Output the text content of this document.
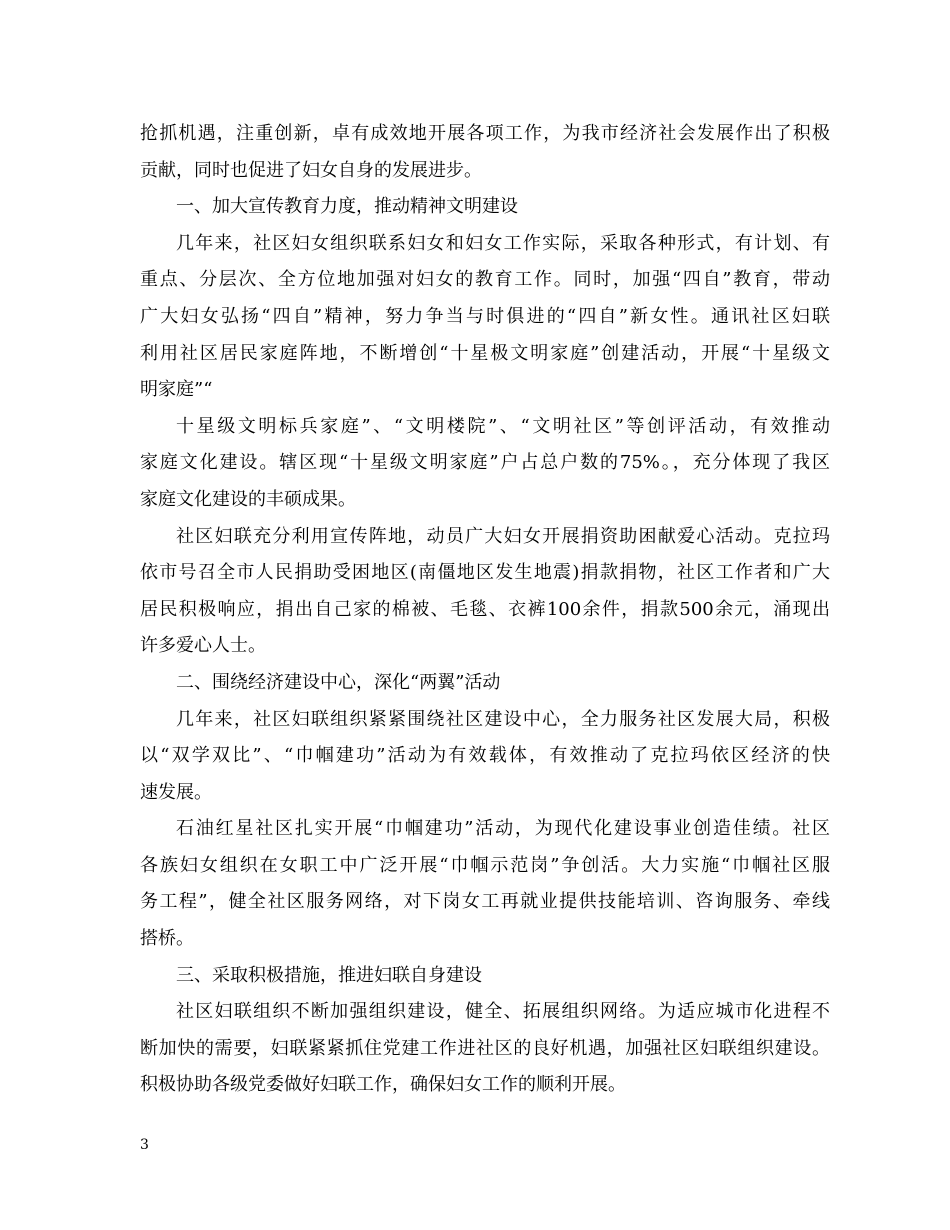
抢抓机遇，注重创新，卓有成效地开展各项工作，为我市经济社会发展作出了积极
贡献，同时也促进了妇女自身的发展进步。
一、加大宣传教育力度，推动精神文明建设
几年来，社区妇女组织联系妇女和妇女工作实际，采取各种形式，有计划、有
重点、分层次、全方位地加强对妇女的教育工作。同时，加强“四自”教育，带动
广大妇女弘扬“四自”精神，努力争当与时俱进的“四自”新女性。通讯社区妇联
利用社区居民家庭阵地，不断增创“十星极文明家庭”创建活动，开展“十星级文
明家庭”“
十星级文明标兵家庭”、“文明楼院”、“文明社区”等创评活动，有效推动
家庭文化建设。辖区现“十星级文明家庭”户占总户数的75%。，充分体现了我区
家庭文化建设的丰硕成果。
社区妇联充分利用宣传阵地，动员广大妇女开展捐资助困献爱心活动。克拉玛
依市号召全市人民捐助受困地区(南僵地区发生地震)捐款捐物，社区工作者和广大
居民积极响应，捐出自己家的棉被、毛毯、衣裤100余件，捐款500余元，涌现出
许多爱心人士。
二、围绕经济建设中心，深化“两翼”活动
几年来，社区妇联组织紧紧围绕社区建设中心，全力服务社区发展大局，积极
以“双学双比”、“巾帼建功”活动为有效载体，有效推动了克拉玛依区经济的快
速发展。
石油红星社区扎实开展“巾帼建功”活动，为现代化建设事业创造佳绩。社区
各族妇女组织在女职工中广泛开展“巾帼示范岗”争创活。大力实施“巾帼社区服
务工程”，健全社区服务网络，对下岗女工再就业提供技能培训、咨询服务、牵线
搭桥。
三、采取积极措施，推进妇联自身建设
社区妇联组织不断加强组织建设，健全、拓展组织网络。为适应城市化进程不
断加快的需要，妇联紧紧抓住党建工作进社区的良好机遇，加强社区妇联组织建设。
积极协助各级党委做好妇联工作，确保妇女工作的顺利开展。
3
